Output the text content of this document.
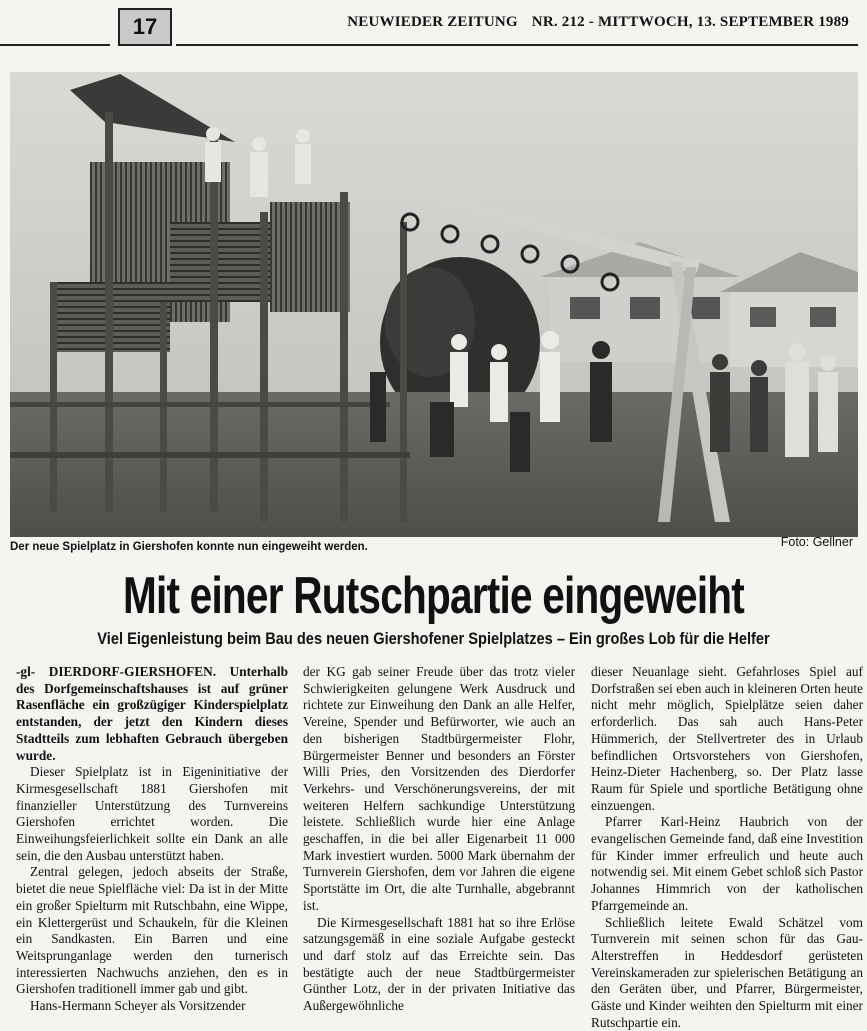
17	NEUWIEDER ZEITUNG NR. 212 - MITTWOCH, 13. SEPTEMBER 1989
Der neue Spielplatz in Giershofen konnte nun eingeweiht werden.	Foto: Gellner
Mit einer Rutschpartie eingeweiht
Viel Eigenleistung beim Bau des neuen Giershofener Spielplatzes – Ein großes Lob für die Helfer

-gl- DIERDORF-GIERSHOFEN. Unterhalb des Dorfgemeinschaftshauses ist auf grüner Rasenfläche ein großzügiger Kinderspielplatz entstanden, der jetzt den Kindern dieses Stadtteils zum lebhaften Gebrauch übergeben wurde.

Dieser Spielplatz ist in Eigeninitiative der Kirmesgesellschaft 1881 Giershofen mit finanzieller Unterstützung des Turnvereins Giershofen errichtet worden. Die Einweihungsfeierlichkeit sollte ein Dank an alle sein, die den Ausbau unterstützt haben.

Zentral gelegen, jedoch abseits der Straße, bietet die neue Spielfläche viel: Da ist in der Mitte ein großer Spielturm mit Rutschbahn, eine Wippe, ein Klettergerüst und Schaukeln, für die Kleinen ein Sandkasten. Ein Barren und eine Weitsprunganlage werden den turnerisch interessierten Nachwuchs anziehen, den es in Giershofen traditionell immer gab und gibt.

Hans-Hermann Scheyer als Vorsitzender

der KG gab seiner Freude über das trotz vieler Schwierigkeiten gelungene Werk Ausdruck und richtete zur Einweihung den Dank an alle Helfer, Vereine, Spender und Befürworter, wie auch an den bisherigen Stadtbürgermeister Flohr, Bürgermeister Benner und besonders an Förster Willi Pries, den Vorsitzenden des Dierdorfer Verkehrs- und Verschönerungsvereins, der mit weiteren Helfern sachkundige Unterstützung leistete. Schließlich wurde hier eine Anlage geschaffen, in die bei aller Eigenarbeit 11 000 Mark investiert wurden. 5000 Mark übernahm der Turnverein Giershofen, dem vor Jahren die eigene Sportstätte im Ort, die alte Turnhalle, abgebrannt ist.

Die Kirmesgesellschaft 1881 hat so ihre Erlöse satzungsgemäß in eine soziale Aufgabe gesteckt und darf stolz auf das Erreichte sein. Das bestätigte auch der neue Stadtbürgermeister Günther Lotz, der in der privaten Initiative das Außergewöhnliche

dieser Neuanlage sieht. Gefahrloses Spiel auf Dorfstraßen sei eben auch in kleineren Orten heute nicht mehr möglich, Spielplätze seien daher erforderlich. Das sah auch Hans-Peter Hümmerich, der Stellvertreter des in Urlaub befindlichen Ortsvorstehers von Giershofen, Heinz-Dieter Hachenberg, so. Der Platz lasse Raum für Spiele und sportliche Betätigung ohne einzuengen.

Pfarrer Karl-Heinz Haubrich von der evangelischen Gemeinde fand, daß eine Investition für Kinder immer erfreulich und heute auch notwendig sei. Mit einem Gebet schloß sich Pastor Johannes Himmrich von der katholischen Pfarrgemeinde an.

Schließlich leitete Ewald Schätzel vom Turnverein mit seinen schon für das Gau-Alterstreffen in Heddesdorf gerüsteten Vereinskameraden zur spielerischen Betätigung an den Geräten über, und Pfarrer, Bürgermeister, Gäste und Kinder weihten den Spielturm mit einer Rutschpartie ein.
